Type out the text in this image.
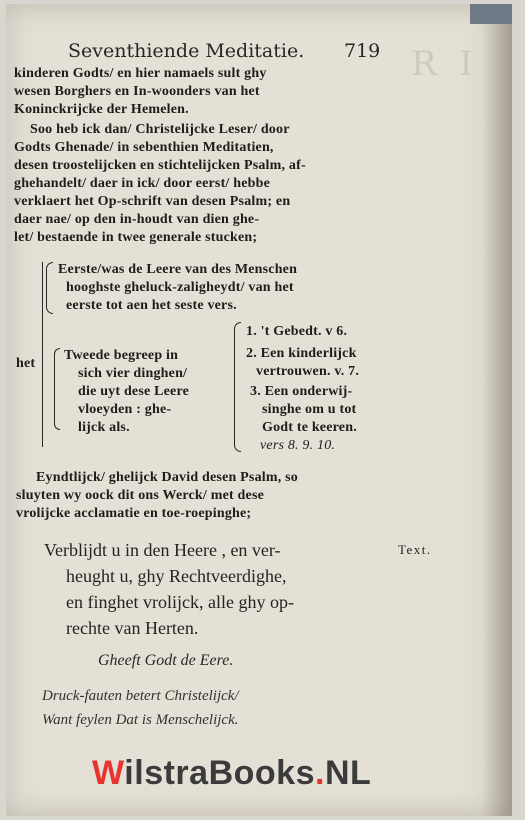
R I
Seventhiende Meditatie. 719
kinderen Godts/ en hier namaels sult ghy
wesen Borghers en In-woonders van het
Koninckrijcke der Hemelen.
Soo heb ick dan/ Christelijcke Leser/ door
Godts Ghenade/ in sebenthien Meditatien,
desen troostelijcken en stichtelijcken Psalm, af-
ghehandelt/ daer in ick/ door eerst/ hebbe
verklaert het Op-schrift van desen Psalm; en
daer nae/ op den in-houdt van dien ghe-
let/ bestaende in twee generale stucken;
Eerste/was de Leere van des Menschen
hooghste gheluck-zaligheydt/ van het
eerste tot aen het seste vers.
het
Tweede begreep in
sich vier dinghen/
die uyt dese Leere
vloeyden : ghe-
lijck als.
1. 't Gebedt. v 6.
2. Een kinderlijck
vertrouwen. v. 7.
3. Een onderwij-
singhe om u tot
Godt te keeren.
vers 8. 9. 10.
Eyndtlijck/ ghelijck David desen Psalm, so
sluyten wy oock dit ons Werck/ met dese
vrolijcke acclamatie en toe-roepinghe;
Verblijdt u in den Heere , en ver-
heught u, ghy Rechtveerdighe,
en finghet vrolijck, alle ghy op-
rechte van Herten.
Text.
Gheeft Godt de Eere.
Druck-fauten betert Christelijck/
Want feylen Dat is Menschelijck.
WilstraBooks.NL
